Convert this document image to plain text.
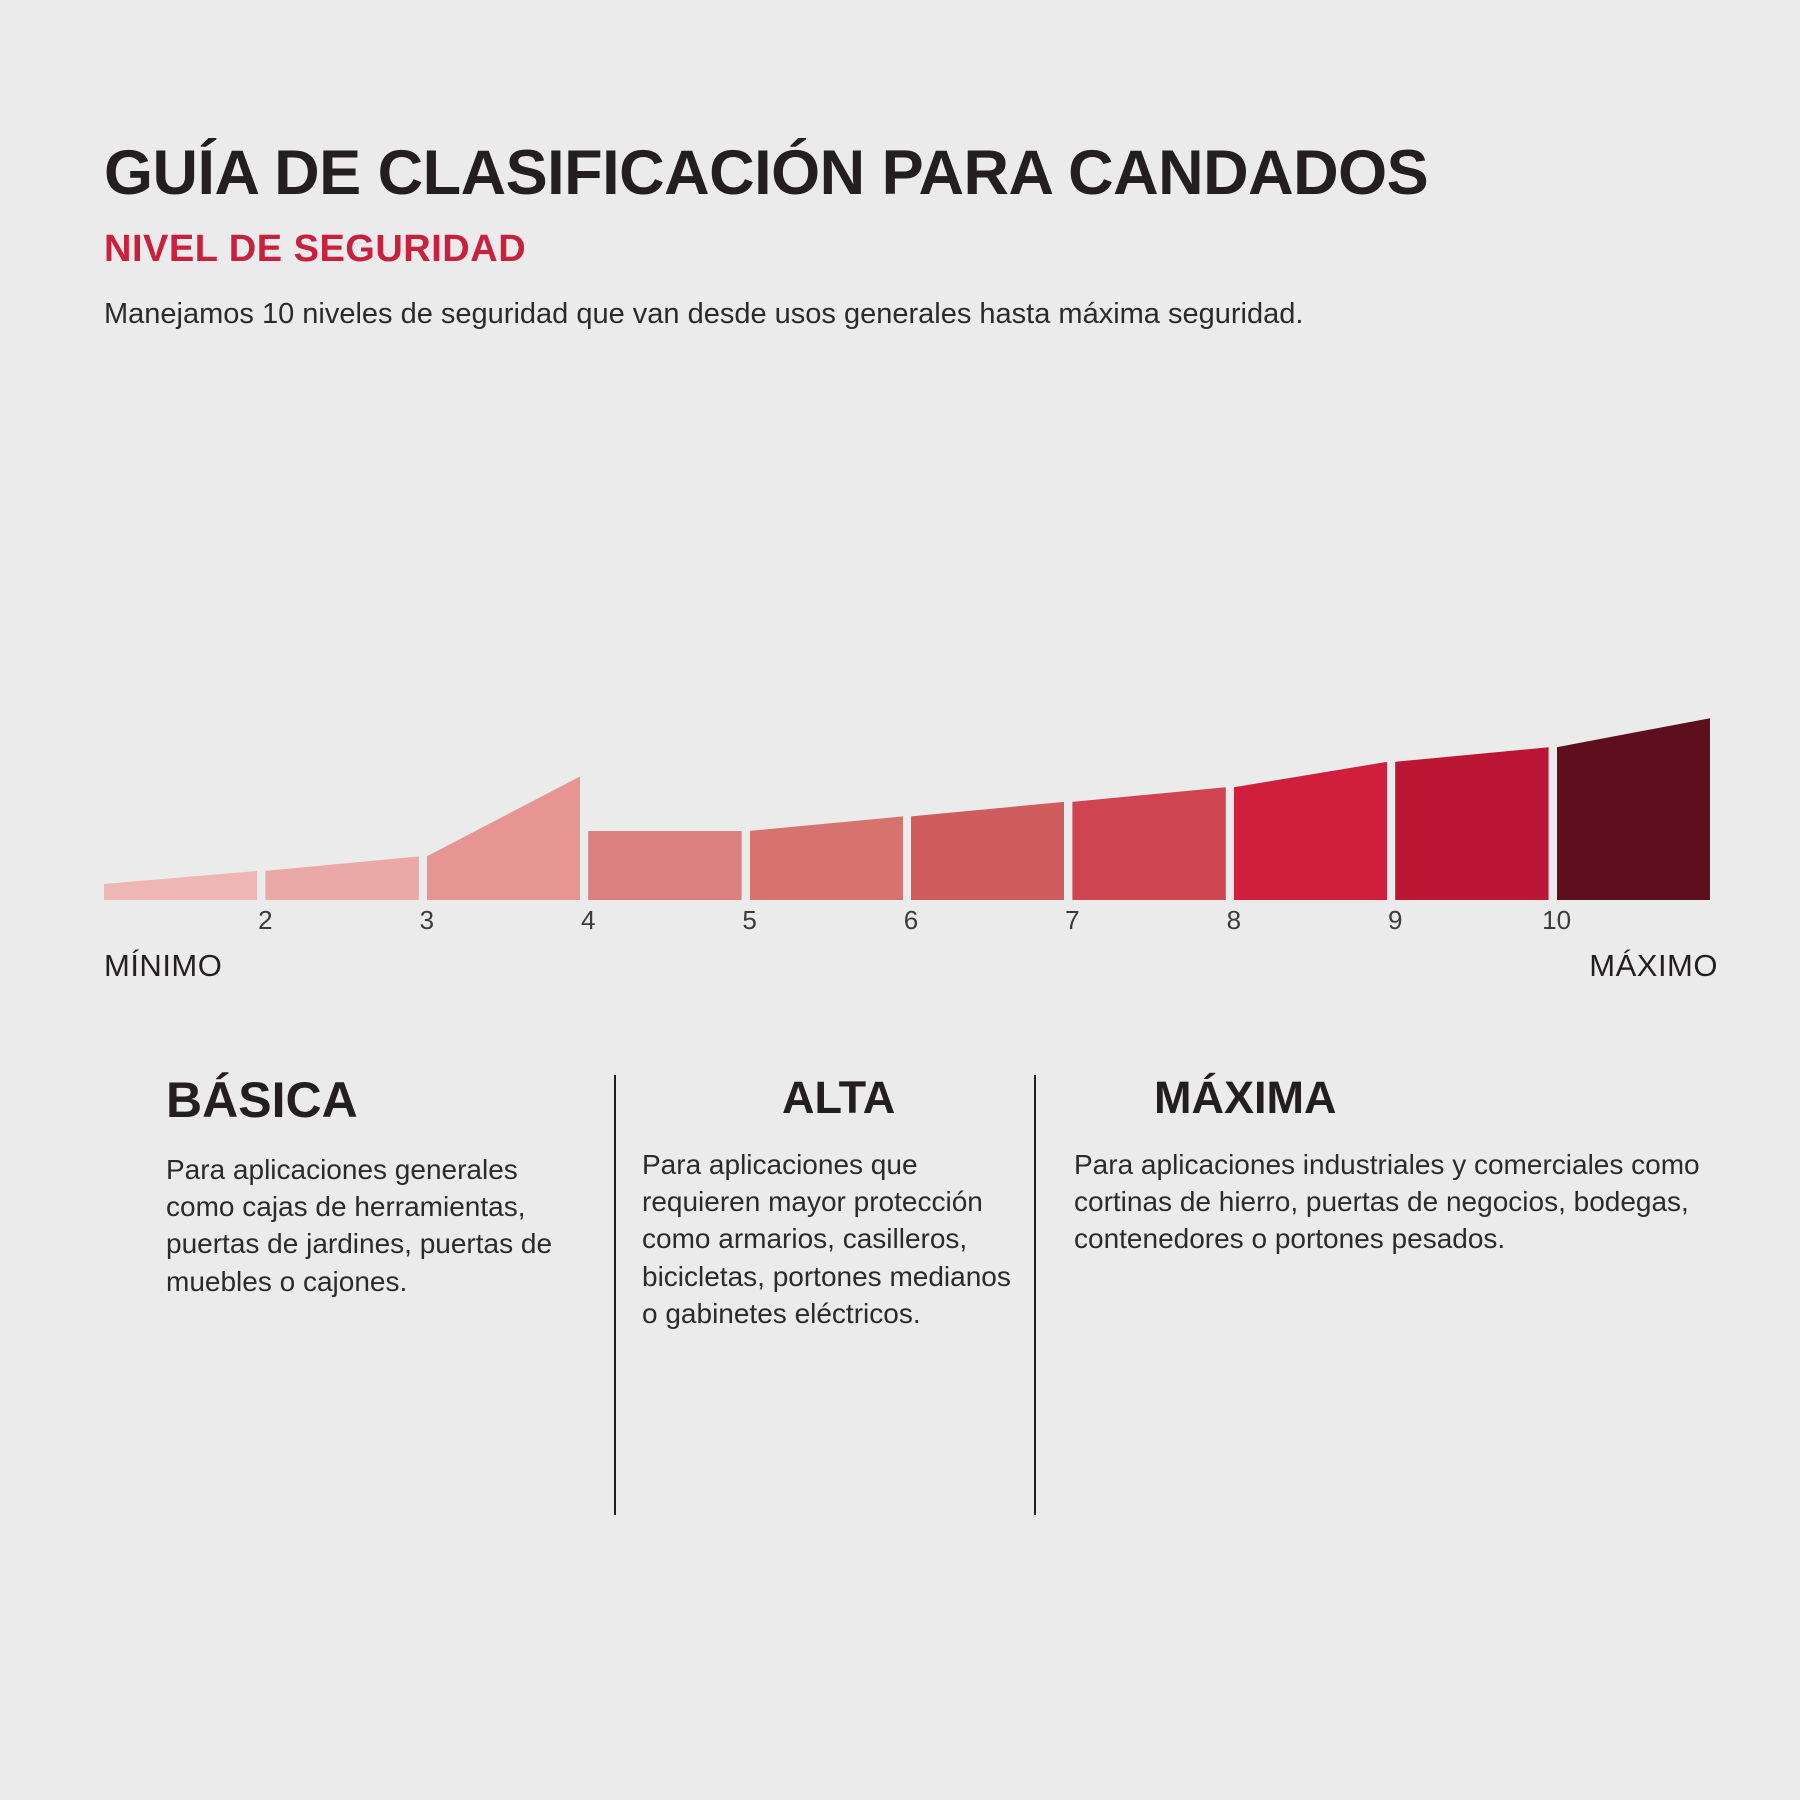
GUÍA DE CLASIFICACIÓN PARA CANDADOS
NIVEL DE SEGURIDAD

Manejamos 10 niveles de seguridad que van desde usos generales hasta máxima seguridad.

2	3	4	5	6	7	8	9	10
MÍNIMO	MÁXIMO
BÁSICA

Para aplicaciones generales como cajas de herramientas, puertas de jardines, puertas de muebles o cajones.

ALTA

Para aplicaciones que requieren mayor protección como armarios, casilleros, bicicletas, portones medianos o gabinetes eléctricos.

MÁXIMA

Para aplicaciones industriales y comerciales como cortinas de hierro, puertas de negocios, bodegas, contenedores o portones pesados.
